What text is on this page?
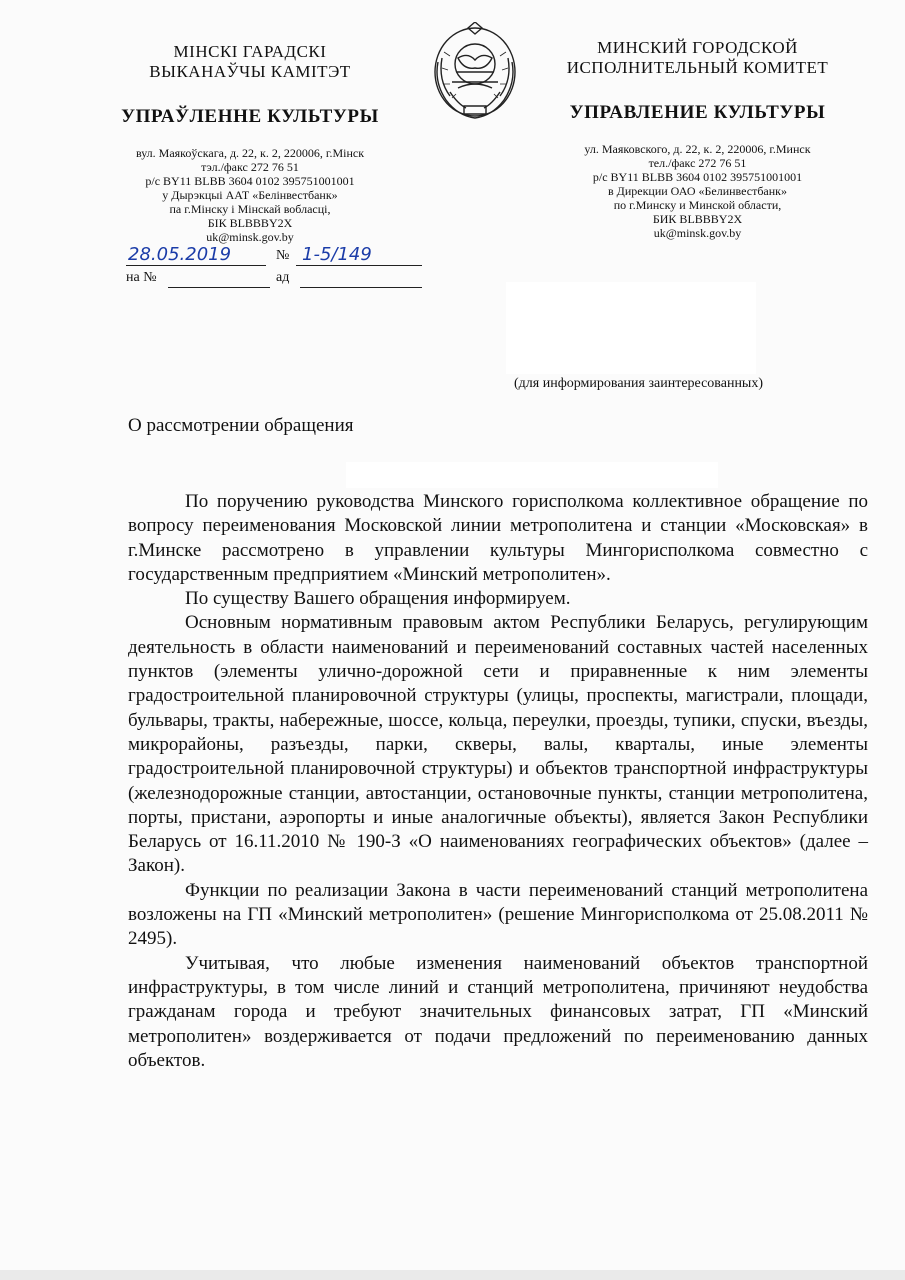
МІНСКІ ГАРАДСКІ
ВЫКАНАЎЧЫ КАМІТЭТ
УПРАЎЛЕННЕ КУЛЬТУРЫ
вул. Маякоўскага, д. 22, к. 2, 220006, г.Мінск
тэл./факс 272 76 51
р/с BY11 BLBB 3604 0102 395751001001
у Дырэкцыі ААТ «Белінвестбанк»
па г.Мінску і Мінскай вобласці,
БІК BLBBBY2X
uk@minsk.gov.by
МИНСКИЙ ГОРОДСКОЙ
ИСПОЛНИТЕЛЬНЫЙ КОМИТЕТ
УПРАВЛЕНИЕ КУЛЬТУРЫ
ул. Маяковского, д. 22, к. 2, 220006, г.Минск
тел./факс 272 76 51
р/с BY11 BLBB 3604 0102 395751001001
в Дирекции ОАО «Белинвестбанк»
по г.Минску и Минской области,
БИК BLBBBY2X
uk@minsk.gov.by
28.05.2019	№ 1-5/149
на №	ад
(для информирования заинтересованных)
О рассмотрении обращения

По поручению руководства Минского горисполкома коллективное обращение по вопросу переименования Московской линии метрополитена и станции «Московская» в г.Минске рассмотрено в управлении культуры Мингорисполкома совместно с государственным предприятием «Минский метрополитен».

По существу Вашего обращения информируем.

Основным нормативным правовым актом Республики Беларусь, регулирующим деятельность в области наименований и переименований составных частей населенных пунктов (элементы улично-дорожной сети и приравненные к ним элементы градостроительной планировочной структуры (улицы, проспекты, магистрали, площади, бульвары, тракты, набережные, шоссе, кольца, переулки, проезды, тупики, спуски, въезды, микрорайоны, разъезды, парки, скверы, валы, кварталы, иные элементы градостроительной планировочной структуры) и объектов транспортной инфраструктуры (железнодорожные станции, автостанции, остановочные пункты, станции метрополитена, порты, пристани, аэропорты и иные аналогичные объекты), является Закон Республики Беларусь от 16.11.2010 № 190-З «О наименованиях географических объектов» (далее – Закон).

Функции по реализации Закона в части переименований станций метрополитена возложены на ГП «Минский метрополитен» (решение Мингорисполкома от 25.08.2011 № 2495).

Учитывая, что любые изменения наименований объектов транспортной инфраструктуры, в том числе линий и станций метрополитена, причиняют неудобства гражданам города и требуют значительных финансовых затрат, ГП «Минский метрополитен» воздерживается от подачи предложений по переименованию данных объектов.
